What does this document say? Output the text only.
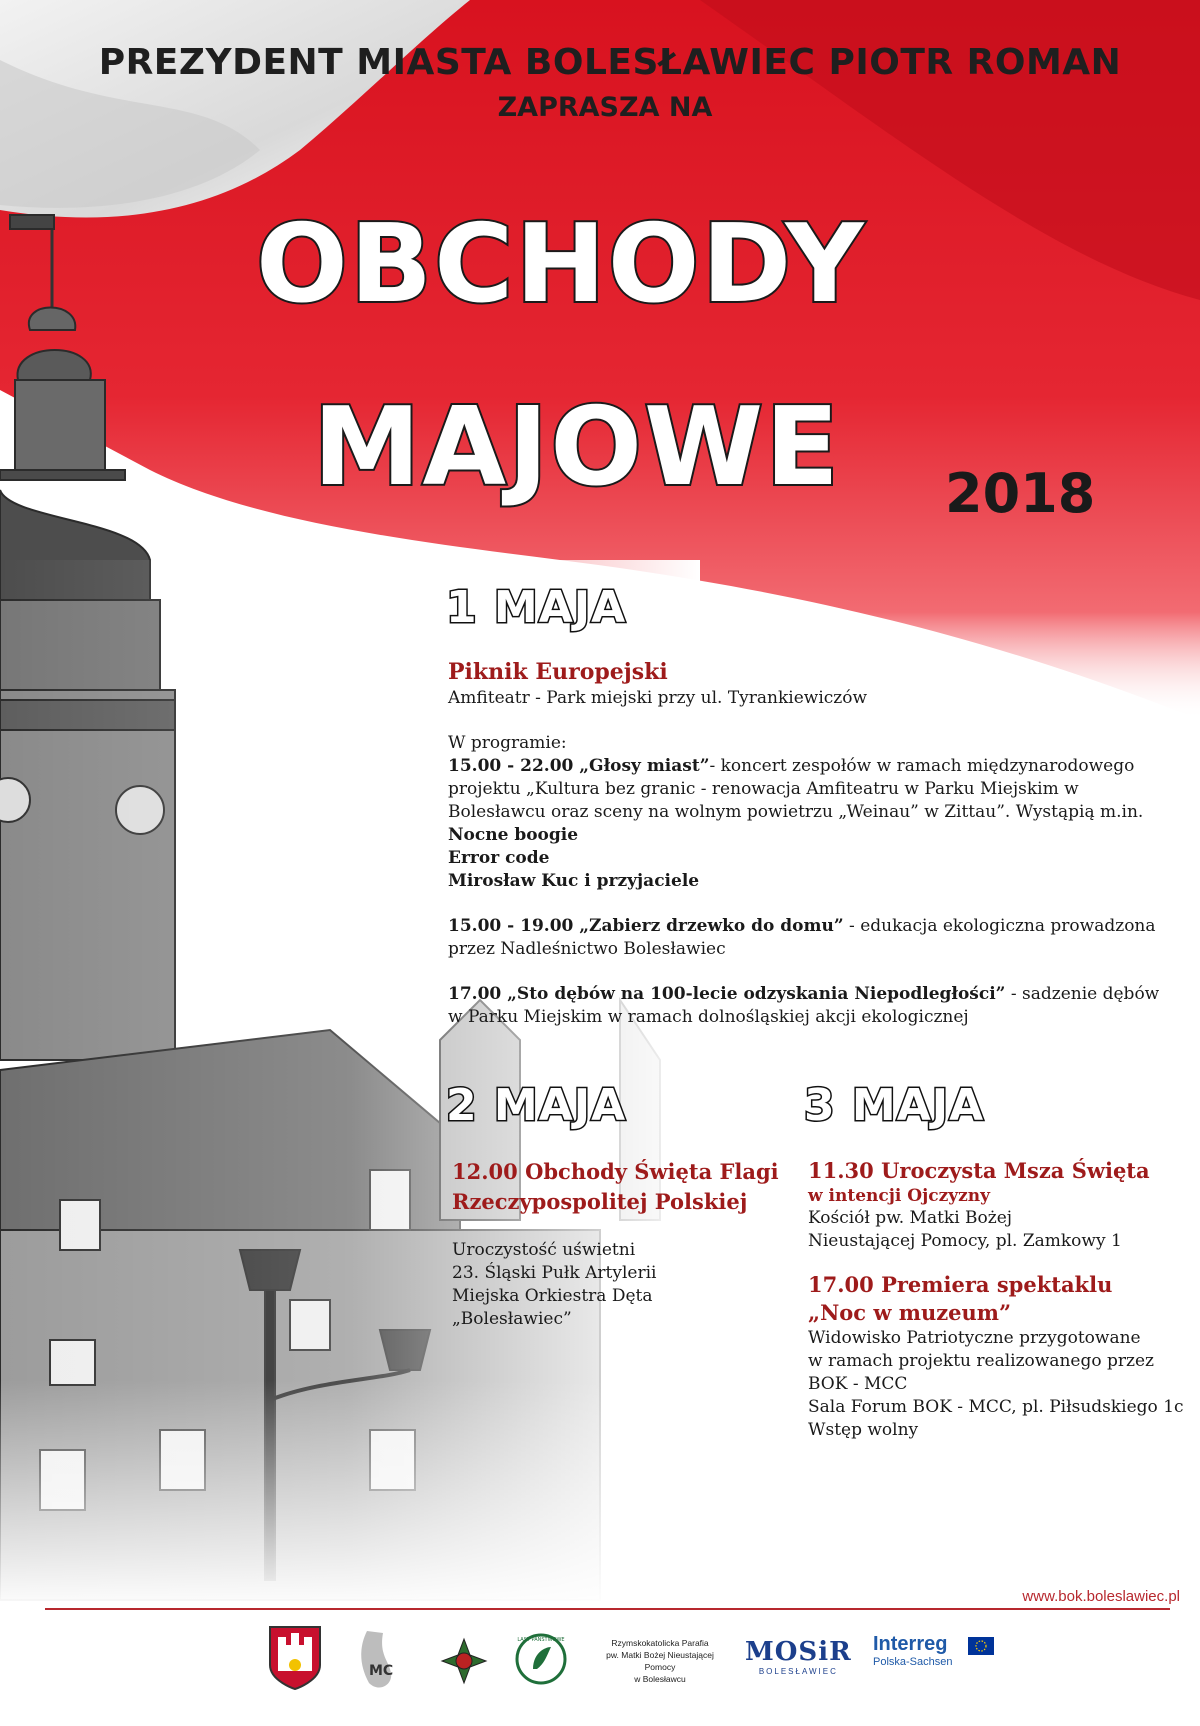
PREZYDENT MIASTA BOLESŁAWIEC PIOTR ROMAN
ZAPRASZA NA
OBCHODY
MAJOWE 2018
1 MAJA
Piknik Europejski
Amfiteatr - Park miejski przy ul. Tyrankiewiczów
W programie:
15.00 - 22.00 „Głosy miast”- koncert zespołów w ramach międzynarodowego projektu „Kultura bez granic - renowacja Amfiteatru w Parku Miejskim w Bolesławcu oraz sceny na wolnym powietrzu „Weinau” w Zittau”. Wystąpią m.in.
Nocne boogie
Error code
Mirosław Kuc i przyjaciele
15.00 - 19.00 „Zabierz drzewko do domu” - edukacja ekologiczna prowadzona przez Nadleśnictwo Bolesławiec
17.00 „Sto dębów na 100-lecie odzyskania Niepodległości” - sadzenie dębów w Parku Miejskim w ramach dolnośląskiej akcji ekologicznej
2 MAJA
12.00 Obchody Święta Flagi Rzeczypospolitej Polskiej
Uroczystość uświetni
23. Śląski Pułk Artylerii
Miejska Orkiestra Dęta
„Bolesławiec”
3 MAJA
11.30 Uroczysta Msza Święta
w intencji Ojczyzny
Kościół pw. Matki Bożej
Nieustającej Pomocy, pl. Zamkowy 1
17.00 Premiera spektaklu
„Noc w muzeum”
Widowisko Patriotyczne przygotowane
w ramach projektu realizowanego przez
BOK - MCC
Sala Forum BOK - MCC, pl. Piłsudskiego 1c
Wstęp wolny
www.bok.boleslawiec.pl
MC
LASY PAŃSTWOWE	Rzymskokatolicka Parafia
pw. Matki Bożej Nieustającej Pomocy
w Bolesławcu
MOSiR
BOLESŁAWIEC
Interreg
Polska-Sachsen
